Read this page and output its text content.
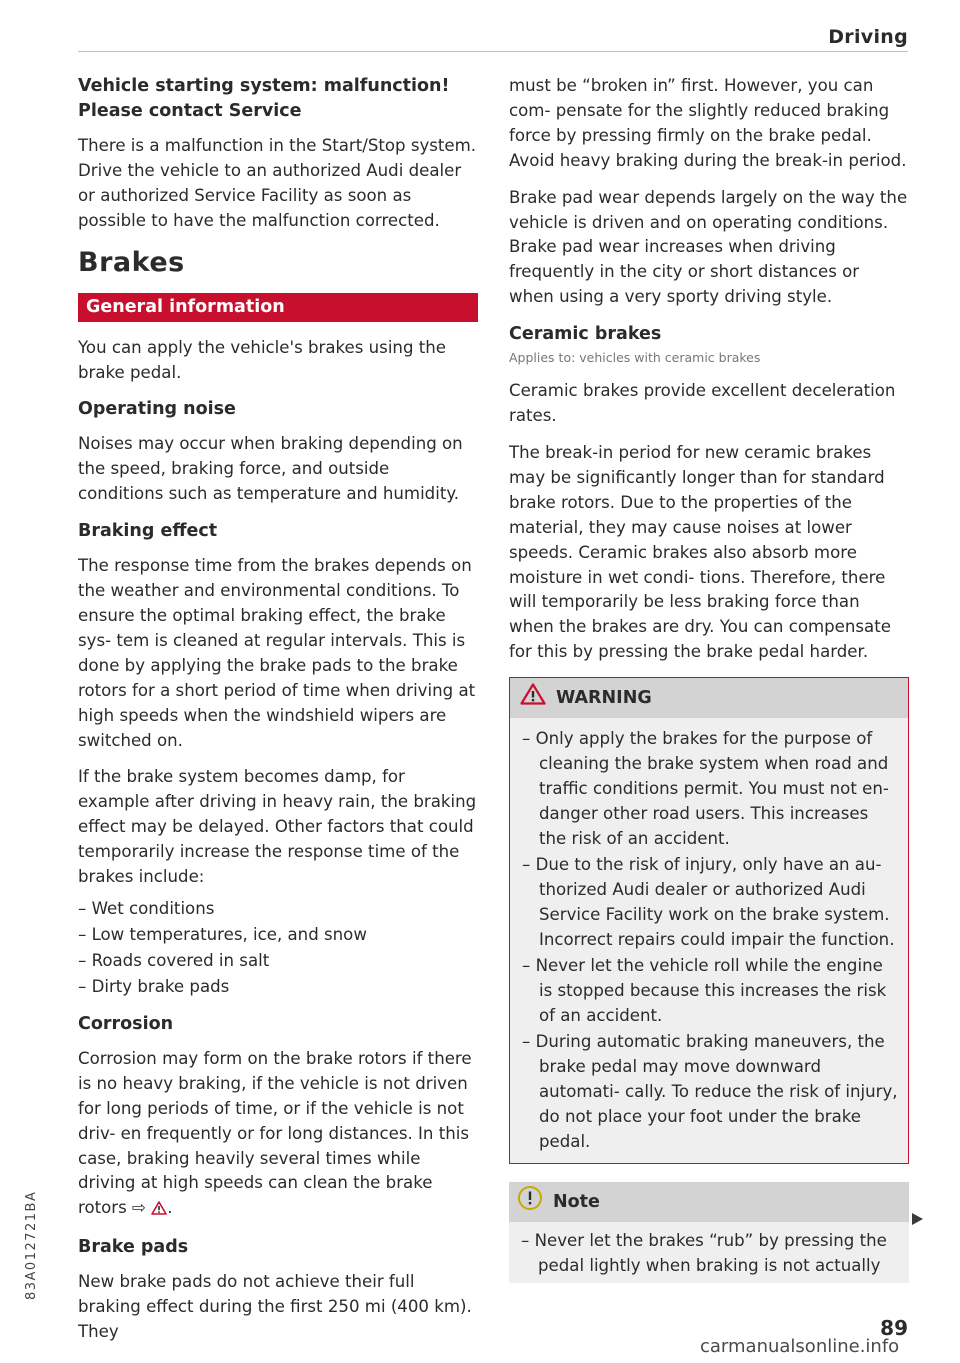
Driving
Vehicle starting system: malfunction! Please contact Service

There is a malfunction in the Start/Stop system. Drive the vehicle to an authorized Audi dealer or authorized Service Facility as soon as possible to have the malfunction corrected.

Brakes
General information

You can apply the vehicle's brakes using the brake pedal.

Operating noise

Noises may occur when braking depending on the speed, braking force, and outside conditions such as temperature and humidity.

Braking effect

The response time from the brakes depends on the weather and environmental conditions. To ensure the optimal braking effect, the brake sys- tem is cleaned at regular intervals. This is done by applying the brake pads to the brake rotors for a short period of time when driving at high speeds when the windshield wipers are switched on.

If the brake system becomes damp, for example after driving in heavy rain, the braking effect may be delayed. Other factors that could temporarily increase the response time of the brakes include:

– Wet conditions
– Low temperatures, ice, and snow
– Roads covered in salt
– Dirty brake pads
Corrosion

Corrosion may form on the brake rotors if there is no heavy braking, if the vehicle is not driven for long periods of time, or if the vehicle is not driv- en frequently or for long distances. In this case, braking heavily several times while driving at high speeds can clean the brake rotors ⇨ .

Brake pads

New brake pads do not achieve their full braking effect during the first 250 mi (400 km). They

must be “broken in” first. However, you can com- pensate for the slightly reduced braking force by pressing firmly on the brake pedal. Avoid heavy braking during the break-in period.

Brake pad wear depends largely on the way the vehicle is driven and on operating conditions. Brake pad wear increases when driving frequently in the city or short distances or when using a very sporty driving style.

Ceramic brakes
Applies to: vehicles with ceramic brakes

Ceramic brakes provide excellent deceleration rates.

The break-in period for new ceramic brakes may be significantly longer than for standard brake rotors. Due to the properties of the material, they may cause noises at lower speeds. Ceramic brakes also absorb more moisture in wet condi- tions. Therefore, there will temporarily be less braking force than when the brakes are dry. You can compensate for this by pressing the brake pedal harder.

WARNING
– Only apply the brakes for the purpose of cleaning the brake system when road and traffic conditions permit. You must not en- danger other road users. This increases the risk of an accident.
– Due to the risk of injury, only have an au- thorized Audi dealer or authorized Audi Service Facility work on the brake system. Incorrect repairs could impair the function.
– Never let the vehicle roll while the engine is stopped because this increases the risk of an accident.
– During automatic braking maneuvers, the brake pedal may move downward automati- cally. To reduce the risk of injury, do not place your foot under the brake pedal.
Note
– Never let the brakes “rub” by pressing the pedal lightly when braking is not actually
89
83A012721BA
carmanualsonline.info
